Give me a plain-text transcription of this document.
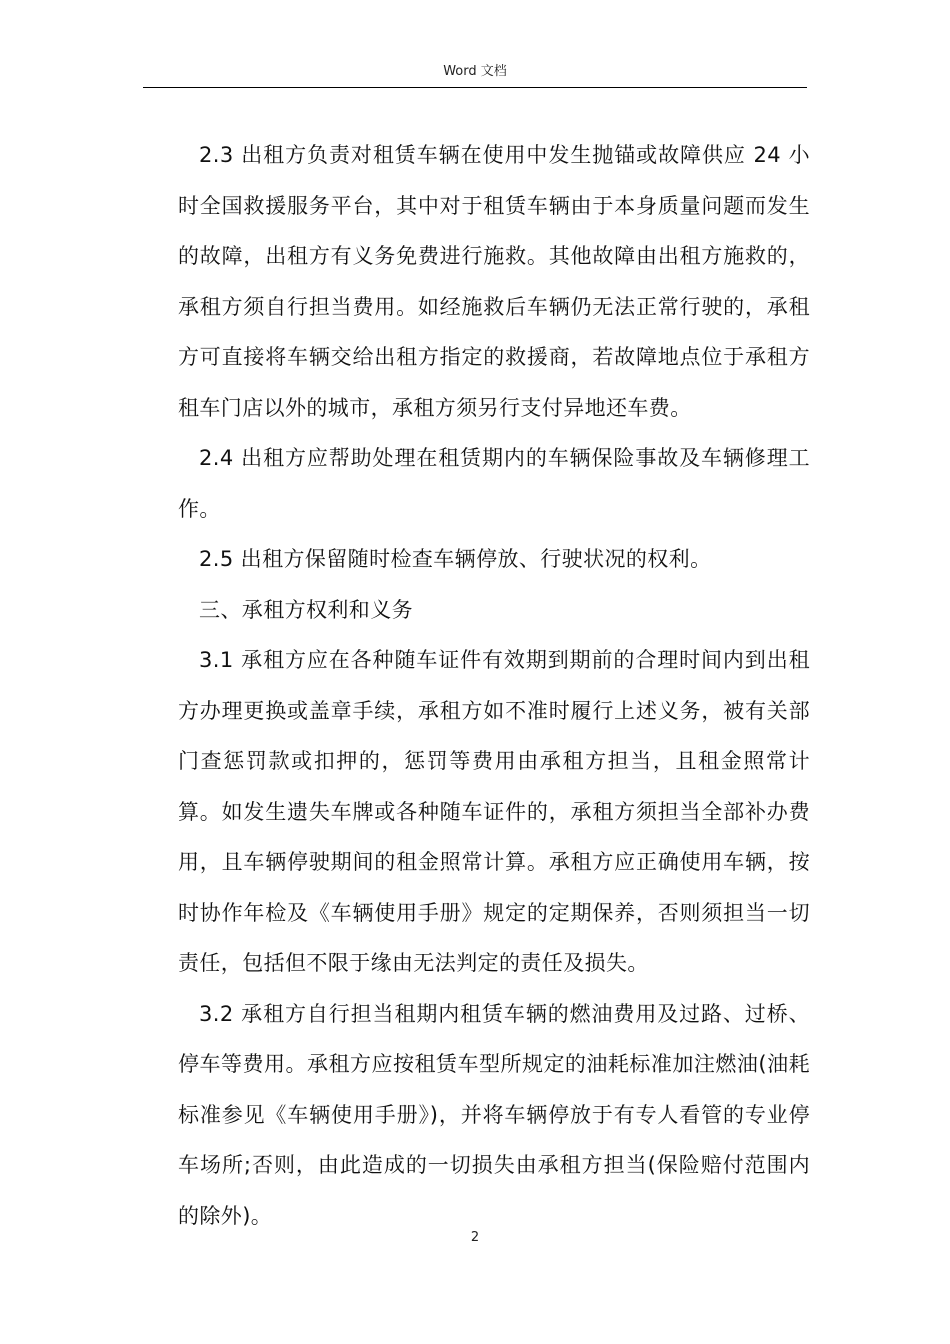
Word 文档

2.3 出租方负责对租赁车辆在使用中发生抛锚或故障供应 24 小时全国救援服务平台，其中对于租赁车辆由于本身质量问题而发生的故障，出租方有义务免费进行施救。其他故障由出租方施救的，承租方须自行担当费用。如经施救后车辆仍无法正常行驶的，承租方可直接将车辆交给出租方指定的救援商，若故障地点位于承租方租车门店以外的城市，承租方须另行支付异地还车费。

2.4 出租方应帮助处理在租赁期内的车辆保险事故及车辆修理工作。

2.5 出租方保留随时检查车辆停放、行驶状况的权利。

三、承租方权利和义务

3.1 承租方应在各种随车证件有效期到期前的合理时间内到出租方办理更换或盖章手续，承租方如不准时履行上述义务，被有关部门查惩罚款或扣押的，惩罚等费用由承租方担当，且租金照常计算。如发生遗失车牌或各种随车证件的，承租方须担当全部补办费用，且车辆停驶期间的租金照常计算。承租方应正确使用车辆，按时协作年检及《车辆使用手册》规定的定期保养，否则须担当一切责任，包括但不限于缘由无法判定的责任及损失。

3.2 承租方自行担当租期内租赁车辆的燃油费用及过路、过桥、停车等费用。承租方应按租赁车型所规定的油耗标准加注燃油(油耗标准参见《车辆使用手册》)，并将车辆停放于有专人看管的专业停车场所;否则，由此造成的一切损失由承租方担当(保险赔付范围内的除外)。

2
